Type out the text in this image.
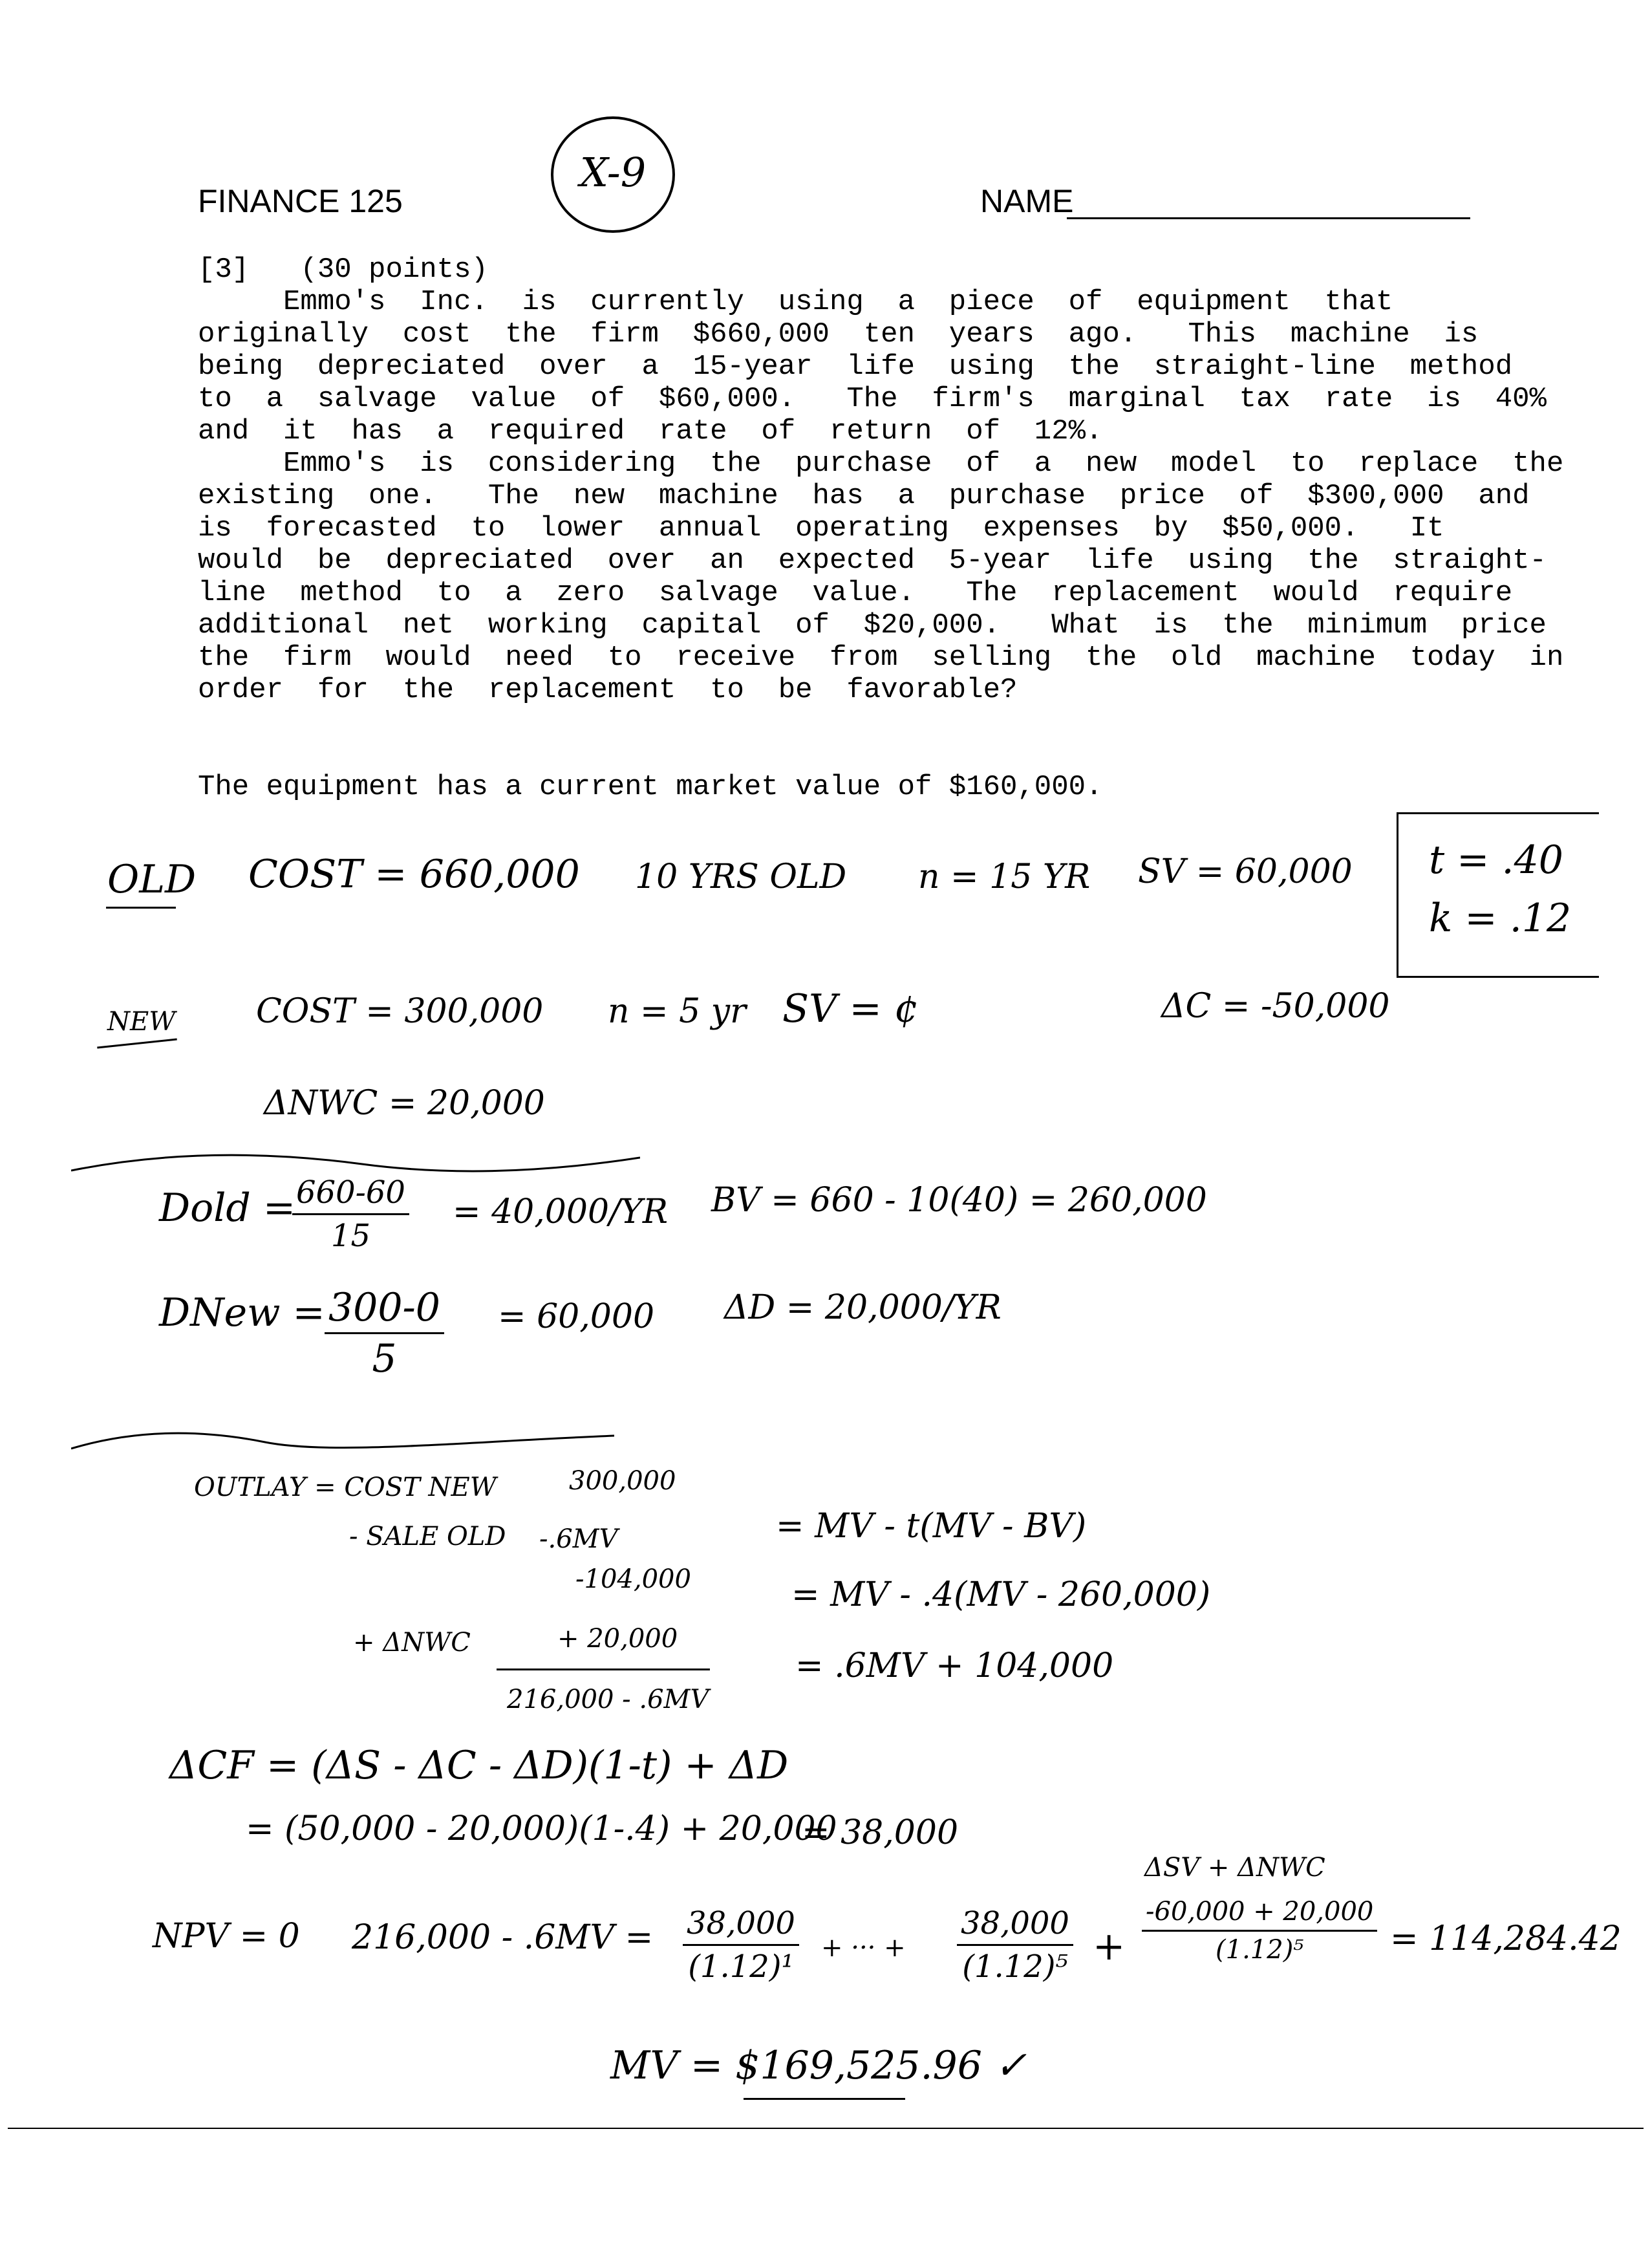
FINANCE 125
X-9
NAME
[3] (30 points)
Emmo's  Inc.  is  currently  using  a  piece  of  equipment  that
originally  cost  the  firm  $660,000  ten  years  ago.   This  machine  is
being  depreciated  over  a  15-year  life  using  the  straight-line  method
to  a  salvage  value  of  $60,000.   The  firm's  marginal  tax  rate  is  40%
and  it  has  a  required  rate  of  return  of  12%.
Emmo's  is  considering  the  purchase  of  a  new  model  to  replace  the
existing  one.   The  new  machine  has  a  purchase  price  of  $300,000  and
is  forecasted  to  lower  annual  operating  expenses  by  $50,000.   It
would  be  depreciated  over  an  expected  5-year  life  using  the  straight-
line  method  to  a  zero  salvage  value.   The  replacement  would  require
additional  net  working  capital  of  $20,000.   What  is  the  minimum  price
the  firm  would  need  to  receive  from  selling  the  old  machine  today  in
order  for  the  replacement  to  be  favorable?
The equipment has a current market value of $160,000.
OLD COST = 660,000 10 YRS OLD n = 15 YR SV = 60,000 t = .40
k = .12
NEW COST = 300,000 n = 5 yr SV = ¢	ΔC = -50,000
ΔNWC = 20,000
Dold =
$\frac{660-60}{15} = 40,000/YR$ BV = 660 - 10(40) = 260,000
DNew = $\frac{300-0}{5} = 60,000$ ΔD = 20,000/YR
OUTLAY = COST NEW	300,000
- SALE OLD -.6MV
-104,000
+ ΔNWC	+ 20,000
216,000 - .6MV
= MV - t(MV - BV)
= MV - .4(MV - 260,000)
= .6MV + 104,000
ΔCF = (ΔS - ΔC - ΔD)(1-t) + ΔD
= (50,000 - 20,000)(1-.4) + 20,000
= 38,000
NPV = 0 $216,000 - .6MV = \frac{38,000}{\text{(1.12)¹}}$ + ··· + $\frac{38,000}{\text{(1.12)⁵}}$ +
ΔSV + ΔNWC
$\frac{-60,000 + 20,000}{\text{(1.12)⁵}} = 114,284.42$
MV = $169,525.96 ✓
